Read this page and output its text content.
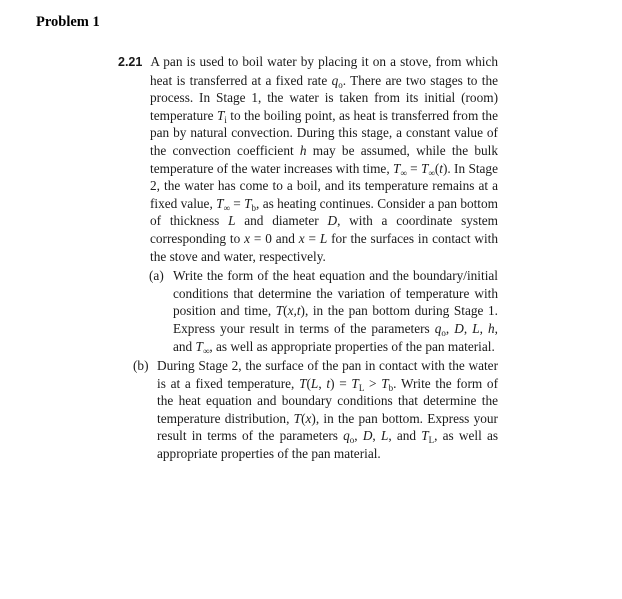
Problem 1
2.21 A pan is used to boil water by placing it on a stove, from which heat is transferred at a fixed rate $q_o$. There are two stages to the process. In Stage 1, the water is taken from its initial (room) temperature $T_i$ to the boiling point, as heat is transferred from the pan by natural convection. During this stage, a constant value of the convection coefficient h may be assumed, while the bulk temperature of the water increases with time, $T_\infty = T_\infty(t)$. In Stage 2, the water has come to a boil, and its temperature remains at a fixed value, $T_\infty = T_b$, as heating continues. Consider a pan bottom of thickness L and diameter D, with a coordinate system corresponding to x = 0 and x = L for the surfaces in contact with the stove and water, respectively.
(a) Write the form of the heat equation and the boundary/initial conditions that determine the variation of temperature with position and time, T(x,t), in the pan bottom during Stage 1. Express your result in terms of the parameters $q_o$, D, L, h, and $T_\infty$, as well as appropriate properties of the pan material.
(b) During Stage 2, the surface of the pan in contact with the water is at a fixed temperature, T(L, $t) = T_L > T_b$. Write the form of the heat equation and boundary conditions that determine the temperature distribution, T(x), in the pan bottom. Express your result in terms of the parameters $q_o$, D, L, and $T_L$, as well as appropriate properties of the pan material.
